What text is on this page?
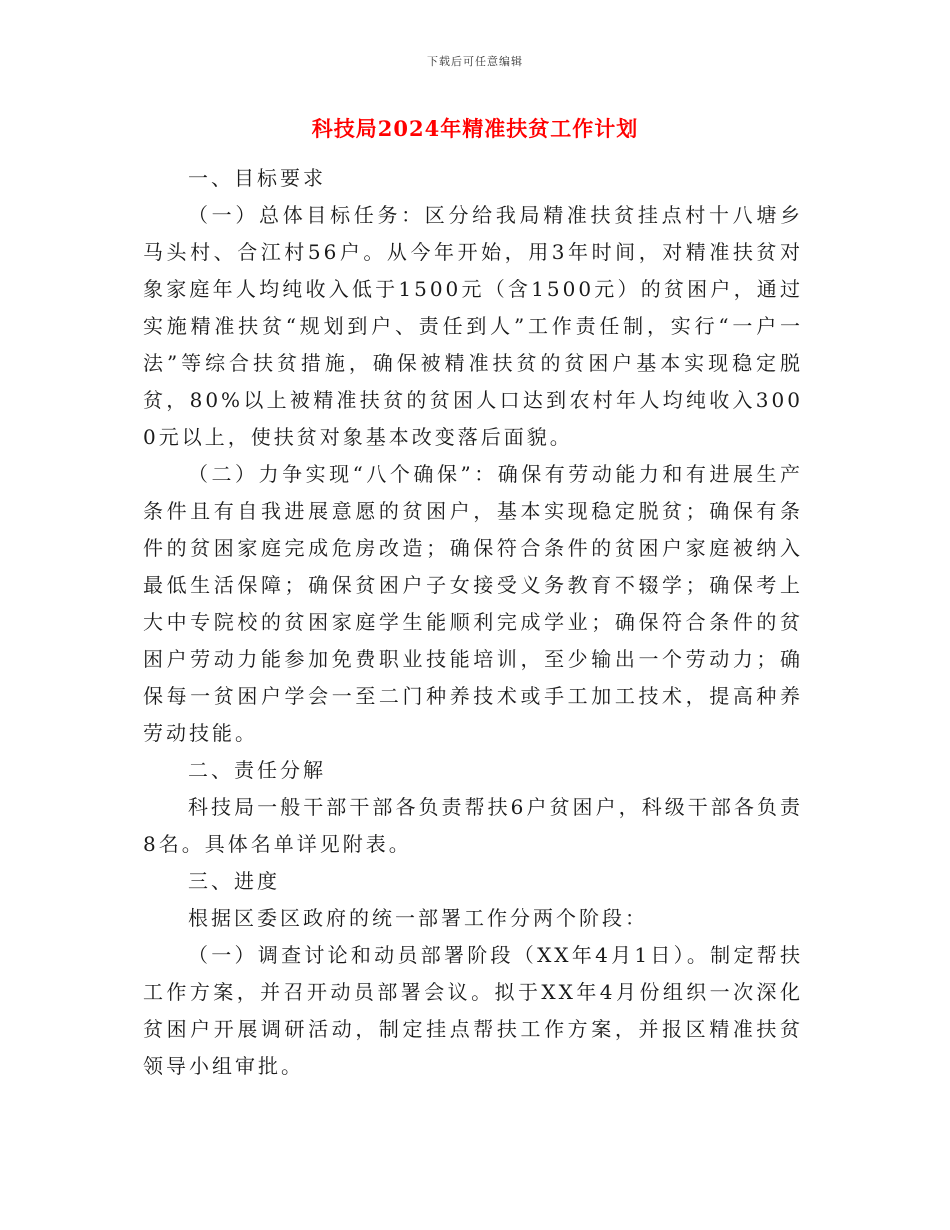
下载后可任意编辑
科技局2024年精准扶贫工作计划

一、目标要求

（一）总体目标任务：区分给我局精准扶贫挂点村十八塘乡马头村、合江村56户。从今年开始，用3年时间，对精准扶贫对象家庭年人均纯收入低于1500元（含1500元）的贫困户，通过实施精准扶贫“规划到户、责任到人”工作责任制，实行“一户一法”等综合扶贫措施，确保被精准扶贫的贫困户基本实现稳定脱贫，80%以上被精准扶贫的贫困人口达到农村年人均纯收入3000元以上，使扶贫对象基本改变落后面貌。

（二）力争实现“八个确保”：确保有劳动能力和有进展生产条件且有自我进展意愿的贫困户，基本实现稳定脱贫；确保有条件的贫困家庭完成危房改造；确保符合条件的贫困户家庭被纳入最低生活保障；确保贫困户子女接受义务教育不辍学；确保考上大中专院校的贫困家庭学生能顺利完成学业；确保符合条件的贫困户劳动力能参加免费职业技能培训，至少输出一个劳动力；确保每一贫困户学会一至二门种养技术或手工加工技术，提高种养劳动技能。

二、责任分解

科技局一般干部干部各负责帮扶6户贫困户，科级干部各负责8名。具体名单详见附表。

三、进度

根据区委区政府的统一部署工作分两个阶段：

（一）调查讨论和动员部署阶段（XX年4月1日）。制定帮扶工作方案，并召开动员部署会议。拟于XX年4月份组织一次深化贫困户开展调研活动，制定挂点帮扶工作方案，并报区精准扶贫领导小组审批。
